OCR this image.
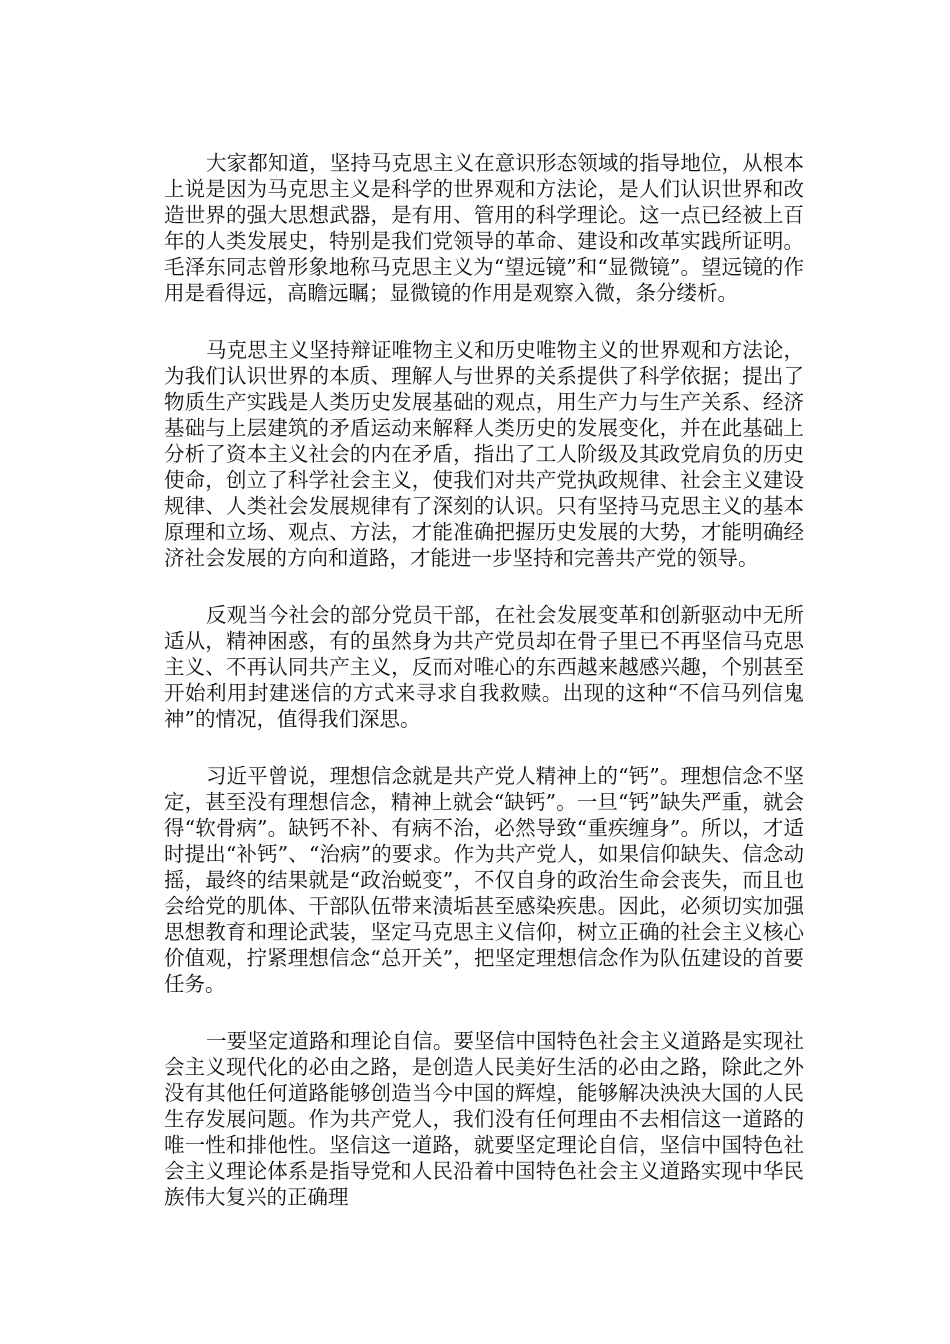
大家都知道，坚持马克思主义在意识形态领域的指导地位，从根本上说是因为马克思主义是科学的世界观和方法论，是人们认识世界和改造世界的强大思想武器，是有用、管用的科学理论。这一点已经被上百年的人类发展史，特别是我们党领导的革命、建设和改革实践所证明。毛泽东同志曾形象地称马克思主义为“望远镜”和“显微镜”。望远镜的作用是看得远，高瞻远瞩；显微镜的作用是观察入微，条分缕析。

马克思主义坚持辩证唯物主义和历史唯物主义的世界观和方法论，为我们认识世界的本质、理解人与世界的关系提供了科学依据；提出了物质生产实践是人类历史发展基础的观点，用生产力与生产关系、经济基础与上层建筑的矛盾运动来解释人类历史的发展变化，并在此基础上分析了资本主义社会的内在矛盾，指出了工人阶级及其政党肩负的历史使命，创立了科学社会主义，使我们对共产党执政规律、社会主义建设规律、人类社会发展规律有了深刻的认识。只有坚持马克思主义的基本原理和立场、观点、方法，才能准确把握历史发展的大势，才能明确经济社会发展的方向和道路，才能进一步坚持和完善共产党的领导。

反观当今社会的部分党员干部，在社会发展变革和创新驱动中无所适从，精神困惑，有的虽然身为共产党员却在骨子里已不再坚信马克思主义、不再认同共产主义，反而对唯心的东西越来越感兴趣，个别甚至开始利用封建迷信的方式来寻求自我救赎。出现的这种“不信马列信鬼神”的情况，值得我们深思。

习近平曾说，理想信念就是共产党人精神上的“钙”。理想信念不坚定，甚至没有理想信念，精神上就会“缺钙”。一旦“钙”缺失严重，就会得“软骨病”。缺钙不补、有病不治，必然导致“重疾缠身”。所以，才适时提出“补钙”、“治病”的要求。作为共产党人，如果信仰缺失、信念动摇，最终的结果就是“政治蜕变”，不仅自身的政治生命会丧失，而且也会给党的肌体、干部队伍带来渍垢甚至感染疾患。因此，必须切实加强思想教育和理论武装，坚定马克思主义信仰，树立正确的社会主义核心价值观，拧紧理想信念“总开关”，把坚定理想信念作为队伍建设的首要任务。

一要坚定道路和理论自信。要坚信中国特色社会主义道路是实现社会主义现代化的必由之路，是创造人民美好生活的必由之路，除此之外没有其他任何道路能够创造当今中国的辉煌，能够解决泱泱大国的人民生存发展问题。作为共产党人，我们没有任何理由不去相信这一道路的唯一性和排他性。坚信这一道路，就要坚定理论自信，坚信中国特色社会主义理论体系是指导党和人民沿着中国特色社会主义道路实现中华民族伟大复兴的正确理
